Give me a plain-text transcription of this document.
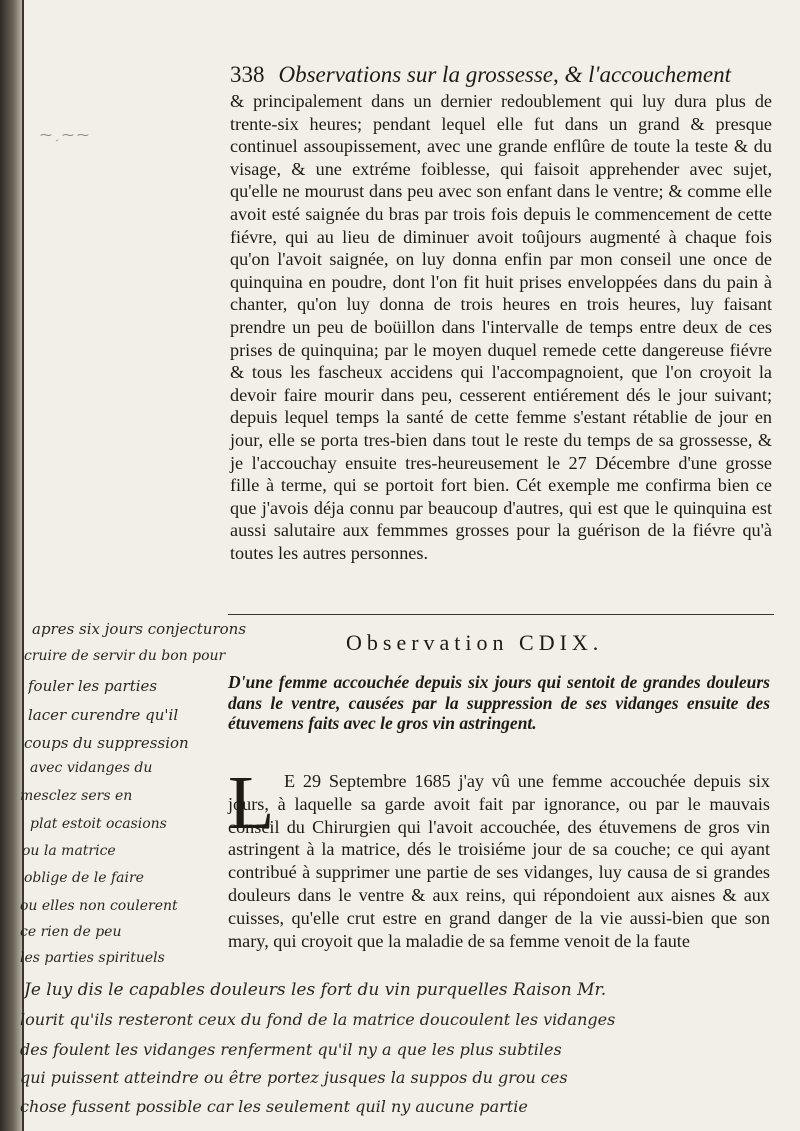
338 Observations sur la grossesse, & l'accouchement
⁓ ˏ ⁓ ⁓

& principalement dans un dernier redoublement qui luy dura plus de trente-six heures; pendant lequel elle fut dans un grand & presque continuel assoupissement, avec une grande enflûre de toute la teste & du visage, & une extréme foiblesse, qui faisoit apprehender avec sujet, qu'elle ne mourust dans peu avec son enfant dans le ventre; & comme elle avoit esté saignée du bras par trois fois depuis le commencement de cette fiévre, qui au lieu de diminuer avoit toûjours augmenté à chaque fois qu'on l'avoit saignée, on luy donna enfin par mon conseil une once de quinquina en poudre, dont l'on fit huit prises enveloppées dans du pain à chanter, qu'on luy donna de trois heures en trois heures, luy faisant prendre un peu de boüillon dans l'intervalle de temps entre deux de ces prises de quinquina; par le moyen duquel remede cette dangereuse fiévre & tous les fascheux accidens qui l'accompagnoient, que l'on croyoit la devoir faire mourir dans peu, cesserent entiérement dés le jour suivant; depuis lequel temps la santé de cette femme s'estant rétablie de jour en jour, elle se porta tres-bien dans tout le reste du temps de sa grossesse, & je l'accouchay ensuite tres-heureusement le 27 Décembre d'une grosse fille à terme, qui se portoit fort bien. Cét exemple me confirma bien ce que j'avois déja connu par beaucoup d'autres, qui est que le quinquina est aussi salutaire aux femmmes grosses pour la guérison de la fiévre qu'à toutes les autres personnes.

Observation CDIX.
D'une femme accouchée depuis six jours qui sentoit de grandes douleurs dans le ventre, causées par la suppression de ses vidanges ensuite des étuvemens faits avec le gros vin astringent.
L E 29 Septembre 1685 j'ay vû une femme accouchée depuis six jours, à laquelle sa garde avoit fait par ignorance, ou par le mauvais conseil du Chirurgien qui l'avoit accouchée, des étuvemens de gros vin astringent à la matrice, dés le troisiéme jour de sa couche; ce qui ayant contribué à supprimer une partie de ses vidanges, luy causa de si grandes douleurs dans le ventre & aux reins, qui répondoient aux aisnes & aux cuisses, qu'elle crut estre en grand danger de la vie aussi-bien que son mary, qui croyoit que la maladie de sa femme venoit de la faute

apres six jours conjecturons
cruire de servir du bon pour
fouler les parties
lacer curendre qu'il
coups du suppression
avec vidanges du
mesclez sers en
plat estoit ocasions
ou la matrice
oblige de le faire
ou elles non coulerent
ce rien de peu
les parties spirituels
Je luy dis le capables douleurs les fort du vin purquelles Raison Mr.
lourit qu'ils resteront ceux du fond de la matrice doucoulent les vidanges
des foulent les vidanges renferment qu'il ny a que les plus subtiles
qui puissent atteindre ou être portez jusques la suppos du grou ces
chose fussent possible car les seulement quil ny aucune partie
